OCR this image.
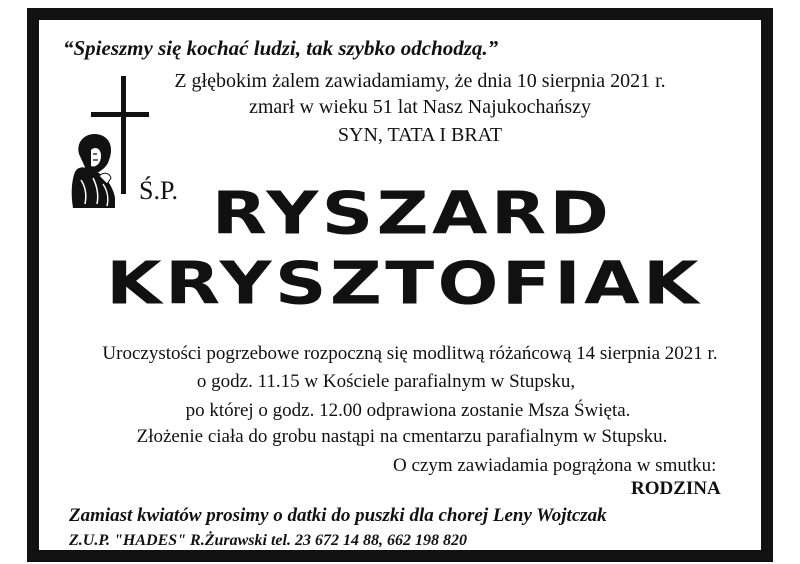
“Spieszmy się kochać ludzi, tak szybko odchodzą.”
Z głębokim żalem zawiadamiamy, że dnia 10 sierpnia 2021 r.
zmarł w wieku 51 lat Nasz Najukochańszy
SYN, TATA I BRAT
Ś.P. RYSZARD
KRYSZTOFIAK
Uroczystości pogrzebowe rozpoczną się modlitwą różańcową 14 sierpnia 2021 r.
o godz. 11.15 w Kościele parafialnym w Stupsku,
po której o godz. 12.00 odprawiona zostanie Msza Święta.
Złożenie ciała do grobu nastąpi na cmentarzu parafialnym w Stupsku.
O czym zawiadamia pogrążona w smutku:
RODZINA
Zamiast kwiatów prosimy o datki do puszki dla chorej Leny Wojtczak
Z.U.P. "HADES" R.Żurawski tel. 23 672 14 88, 662 198 820
